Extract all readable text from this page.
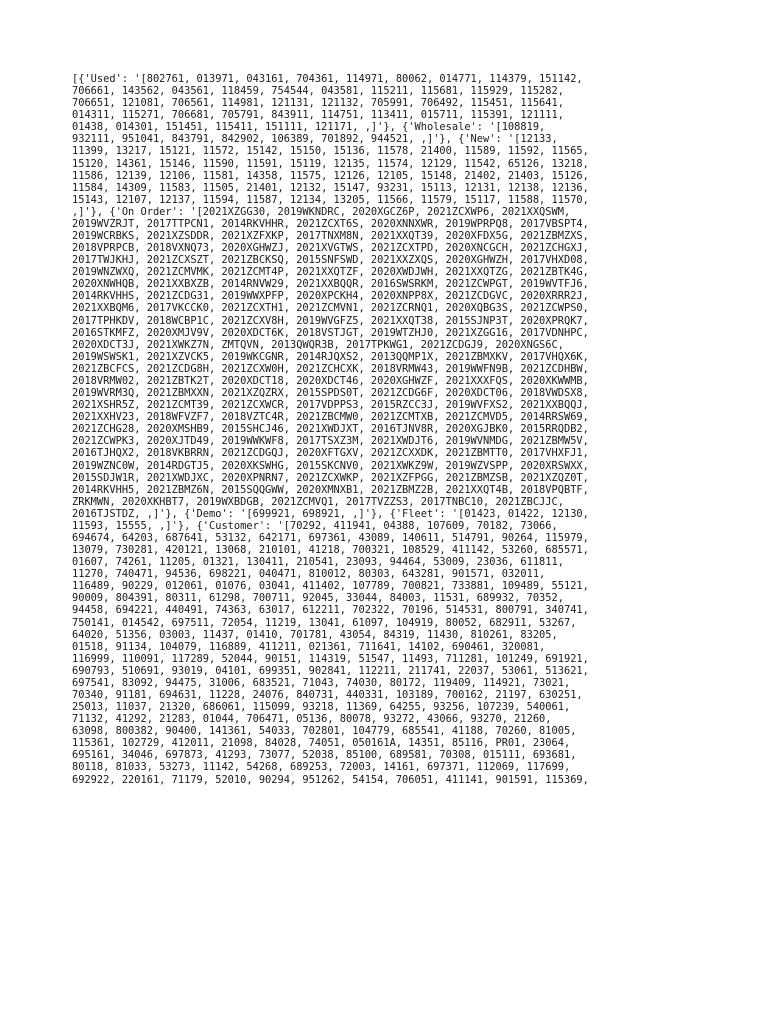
[{'Used': '[802761, 013971, 043161, 704361, 114971, 80062, 014771, 114379, 151142,
706661, 143562, 043561, 118459, 754544, 043581, 115211, 115681, 115929, 115282,
706651, 121081, 706561, 114981, 121131, 121132, 705991, 706492, 115451, 115641,
014311, 115271, 706681, 705791, 843911, 114751, 113411, 015711, 115391, 121111,
01438, 014301, 151451, 115411, 151111, 121171, ,]'}, {'Wholesale': '[108819,
932111, 951041, 843791, 842902, 106389, 701892, 944521, ,]'}, {'New': '[12133,
11399, 13217, 15121, 11572, 15142, 15150, 15136, 11578, 21400, 11589, 11592, 11565,
15120, 14361, 15146, 11590, 11591, 15119, 12135, 11574, 12129, 11542, 65126, 13218,
11586, 12139, 12106, 11581, 14358, 11575, 12126, 12105, 15148, 21402, 21403, 15126,
11584, 14309, 11583, 11505, 21401, 12132, 15147, 93231, 15113, 12131, 12138, 12136,
15143, 12107, 12137, 11594, 11587, 12134, 13205, 11566, 11579, 15117, 11588, 11570,
,]'}, {'On Order': '[2021XZGG30, 2019WKNDRC, 2020XGCZ6P, 2021ZCXWP6, 2021XXQSWM,
2019WVZRJT, 2017TTPCN1, 2014RKVHHR, 2021ZCXT6S, 2020XNNXWR, 2019WPRPQ8, 2017VBSPT4,
2019WCRBKS, 2021XZSDDR, 2021XZFXKP, 2017TNXM8N, 2021XXQT39, 2020XFDX5G, 2021ZBMZXS,
2018VPRPCB, 2018VXNQ73, 2020XGHWZJ, 2021XVGTWS, 2021ZCXTPD, 2020XNCGCH, 2021ZCHGXJ,
2017TWJKHJ, 2021ZCXSZT, 2021ZBCKSQ, 2015SNFSWD, 2021XXZXQS, 2020XGHWZH, 2017VHXD08,
2019WNZWXQ, 2021ZCMVMK, 2021ZCMT4P, 2021XXQTZF, 2020XWDJWH, 2021XXQTZG, 2021ZBTK4G,
2020XNWHQB, 2021XXBXZB, 2014RNVW29, 2021XXBQQR, 2016SWSRKM, 2021ZCWPGT, 2019WVTFJ6,
2014RKVHHS, 2021ZCDG31, 2019WWXPFP, 2020XPCKH4, 2020XNPP8X, 2021ZCDGVC, 2020XRRR2J,
2021XXBQM6, 2017VKCCK0, 2021ZCXTH1, 2021ZCMVN1, 2021ZCRNQ1, 2020XQBG3S, 2021ZCWPS0,
2017TPHKDV, 2018WCBP1C, 2021ZCXV8H, 2019WVGFZ5, 2021XXQT38, 2015SJNP3T, 2020XPRQK7,
2016STKMFZ, 2020XMJV9V, 2020XDCT6K, 2018VSTJGT, 2019WTZHJ0, 2021XZGG16, 2017VDNHPC,
2020XDCT3J, 2021XWKZ7N, ZMTQVN, 2013QWQR3B, 2017TPKWG1, 2021ZCDGJ9, 2020XNGS6C,
2019WSWSK1, 2021XZVCK5, 2019WKCGNR, 2014RJQXS2, 2013QQMP1X, 2021ZBMXKV, 2017VHQX6K,
2021ZBCFCS, 2021ZCDG8H, 2021ZCXW0H, 2021ZCHCXK, 2018VRMW43, 2019WWFN9B, 2021ZCDHBW,
2018VRMW02, 2021ZBTK2T, 2020XDCT18, 2020XDCT46, 2020XGHWZF, 2021XXXFQS, 2020XKWWMB,
2019WVRM3Q, 2021ZBMXXN, 2021XZQZRX, 2015SPDS0T, 2021ZCDG6F, 2020XDCT06, 2018VWDSX8,
2021XSHR5Z, 2021ZCMT39, 2021ZCXWCR, 2017VDPPS3, 2015RZCC3J, 2019WVFXS2, 2021XXBQQJ,
2021XXHV23, 2018WFVZF7, 2018VZTC4R, 2021ZBCMW0, 2021ZCMTXB, 2021ZCMVD5, 2014RRSW69,
2021ZCHG28, 2020XMSHB9, 2015SHCJ46, 2021XWDJXT, 2016TJNV8R, 2020XGJBK0, 2015RRQDB2,
2021ZCWPK3, 2020XJTD49, 2019WWKWF8, 2017TSXZ3M, 2021XWDJT6, 2019WVNMDG, 2021ZBMW5V,
2016TJHQX2, 2018VKBRRN, 2021ZCDGQJ, 2020XFTGXV, 2021ZCXXDK, 2021ZBMTT0, 2017VHXFJ1,
2019WZNC0W, 2014RDGTJ5, 2020XKSWHG, 2015SKCNV0, 2021XWKZ9W, 2019WZVSPP, 2020XRSWXX,
2015SDJW1R, 2021XWDJXC, 2020XPNRN7, 2021ZCXWKP, 2021XZFPGG, 2021ZBMZSB, 2021XZQZ0T,
2014RKVHH5, 2021ZBMZ6N, 2015SQQGWW, 2020XMNXB1, 2021ZBMZ2B, 2021XXQT4B, 2018VPQBTF,
ZRKMWN, 2020XKHBT7, 2019WXBDGB, 2021ZCMVQ1, 2017TVZZS3, 2017TNBC10, 2021ZBCJJC,
2016TJSTDZ, ,]'}, {'Demo': '[699921, 698921, ,]'}, {'Fleet': '[01423, 01422, 12130,
11593, 15555, ,]'}, {'Customer': '[70292, 411941, 04388, 107609, 70182, 73066,
694674, 64203, 687641, 53132, 642171, 697361, 43089, 140611, 514791, 90264, 115979,
13079, 730281, 420121, 13068, 210101, 41218, 700321, 108529, 411142, 53260, 685571,
01607, 74261, 11205, 01321, 130411, 210541, 23093, 94464, 53009, 23036, 611811,
11270, 740471, 94536, 698221, 040471, 810012, 80303, 643281, 901571, 032011,
116489, 90229, 012061, 01076, 03041, 411402, 107789, 700821, 733881, 109489, 55121,
90009, 804391, 80311, 61298, 700711, 92045, 33044, 84003, 11531, 689932, 70352,
94458, 694221, 440491, 74363, 63017, 612211, 702322, 70196, 514531, 800791, 340741,
750141, 014542, 697511, 72054, 11219, 13041, 61097, 104919, 80052, 682911, 53267,
64020, 51356, 03003, 11437, 01410, 701781, 43054, 84319, 11430, 810261, 83205,
01518, 91134, 104079, 116889, 411211, 021361, 711641, 14102, 690461, 320081,
116999, 110091, 117289, 52044, 90151, 114319, 51547, 11493, 711281, 101249, 691921,
690793, 510691, 93019, 04101, 699351, 902841, 112211, 211741, 22037, 53061, 513621,
697541, 83092, 94475, 31006, 683521, 71043, 74030, 80172, 119409, 114921, 73021,
70340, 91181, 694631, 11228, 24076, 840731, 440331, 103189, 700162, 21197, 630251,
25013, 11037, 21320, 686061, 115099, 93218, 11369, 64255, 93256, 107239, 540061,
71132, 41292, 21283, 01044, 706471, 05136, 80078, 93272, 43066, 93270, 21260,
63098, 800382, 90400, 141361, 54033, 702801, 104779, 685541, 41188, 70260, 81005,
115361, 102729, 412011, 21098, 84028, 74051, 050161A, 14351, 85116, PR01, 23064,
695161, 34046, 697873, 41293, 73077, 52038, 85100, 689581, 70308, 015111, 693681,
80118, 81033, 53273, 11142, 54268, 689253, 72003, 14161, 697371, 112069, 117699,
692922, 220161, 71179, 52010, 90294, 951262, 54154, 706051, 411141, 901591, 115369,
